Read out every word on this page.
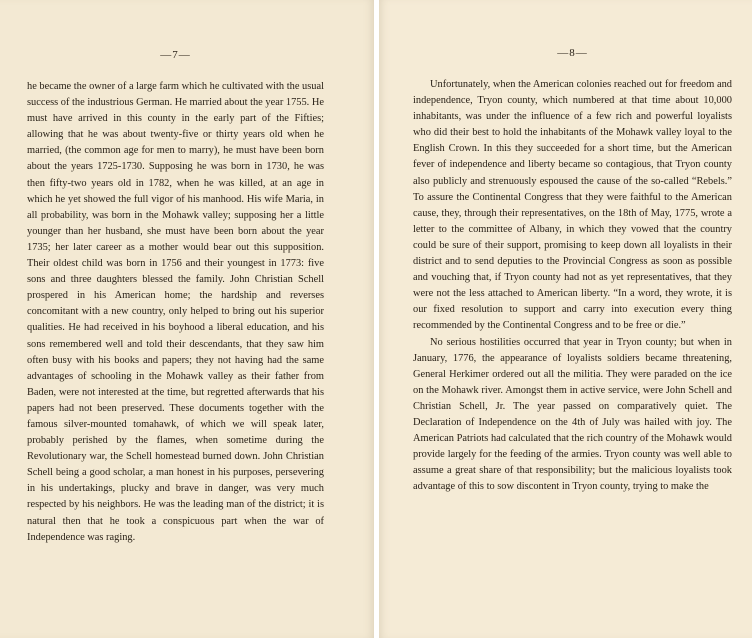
—7—

he became the owner of a large farm which he cultivated with the usual success of the industrious German. He married about the year 1755. He must have arrived in this county in the early part of the Fifties; allowing that he was about twenty-five or thirty years old when he married, (the common age for men to marry), he must have been born about the years 1725-1730. Supposing he was born in 1730, he was then fifty-two years old in 1782, when he was killed, at an age in which he yet showed the full vigor of his manhood. His wife Maria, in all probability, was born in the Mohawk valley; supposing her a little younger than her husband, she must have been born about the year 1735; her later career as a mother would bear out this supposition. Their oldest child was born in 1756 and their youngest in 1773: five sons and three daughters blessed the family. John Christian Schell prospered in his American home; the hardship and reverses concomitant with a new country, only helped to bring out his superior qualities. He had received in his boyhood a liberal education, and his sons remembered well and told their descendants, that they saw him often busy with his books and papers; they not having had the same advantages of schooling in the Mohawk valley as their father from Baden, were not interested at the time, but regretted afterwards that his papers had not been preserved. These documents together with the famous silver-mounted tomahawk, of which we will speak later, probably perished by the flames, when sometime during the Revolutionary war, the Schell homestead burned down. John Christian Schell being a good scholar, a man honest in his purposes, persevering in his undertakings, plucky and brave in danger, was very much respected by his neighbors. He was the leading man of the district; it is natural then that he took a conspicuous part when the war of Independence was raging.

—8—

Unfortunately, when the American colonies reached out for freedom and independence, Tryon county, which numbered at that time about 10,000 inhabitants, was under the influence of a few rich and powerful loyalists who did their best to hold the inhabitants of the Mohawk valley loyal to the English Crown. In this they succeeded for a short time, but the American fever of independence and liberty became so contagious, that Tryon county also publicly and strenuously espoused the cause of the so-called “Rebels.” To assure the Continental Congress that they were faithful to the American cause, they, through their representatives, on the 18th of May, 1775, wrote a letter to the committee of Albany, in which they vowed that the country could be sure of their support, promising to keep down all loyalists in their district and to send deputies to the Provincial Congress as soon as possible and vouching that, if Tryon county had not as yet representatives, that they were not the less attached to American liberty. “In a word, they wrote, it is our fixed resolution to support and carry into execution every thing recommended by the Continental Congress and to be free or die.”

No serious hostilities occurred that year in Tryon county; but when in January, 1776, the appearance of loyalists soldiers became threatening, General Herkimer ordered out all the militia. They were paraded on the ice on the Mohawk river. Amongst them in active service, were John Schell and Christian Schell, Jr. The year passed on comparatively quiet. The Declaration of Independence on the 4th of July was hailed with joy. The American Patriots had calculated that the rich country of the Mohawk would provide largely for the feeding of the armies. Tryon county was well able to assume a great share of that responsibility; but the malicious loyalists took advantage of this to sow discontent in Tryon county, trying to make the
